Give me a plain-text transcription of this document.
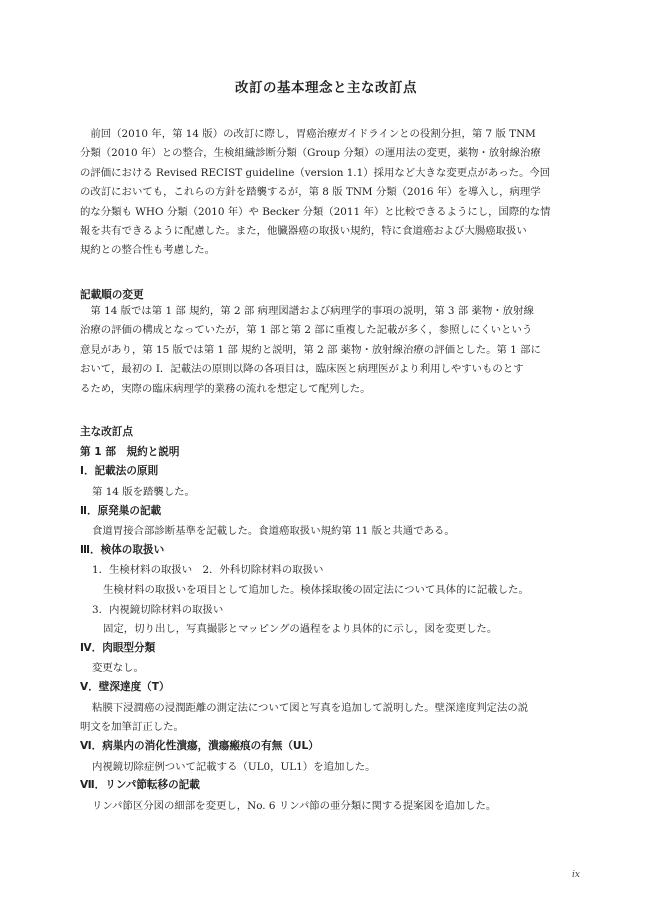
改訂の基本理念と主な改訂点
　前回（2010 年，第 14 版）の改訂に際し，胃癌治療ガイドラインとの役割分担，第 7 版 TNM
分類（2010 年）との整合，生検組織診断分類（Group 分類）の運用法の変更，薬物・放射線治療
の評価における Revised RECIST guideline（version 1.1）採用など大きな変更点があった。今回
の改訂においても，これらの方針を踏襲するが，第 8 版 TNM 分類（2016 年）を導入し，病理学
的な分類も WHO 分類（2010 年）や Becker 分類（2011 年）と比較できるようにし，国際的な情
報を共有できるように配慮した。また，他臓器癌の取扱い規約，特に食道癌および大腸癌取扱い
規約との整合性も考慮した。
記載順の変更
　第 14 版では第 1 部 規約，第 2 部 病理図譜および病理学的事項の説明，第 3 部 薬物・放射線
治療の評価の構成となっていたが，第 1 部と第 2 部に重複した記載が多く，参照しにくいという
意見があり，第 15 版では第 1 部 規約と説明，第 2 部 薬物・放射線治療の評価とした。第 1 部に
おいて，最初の I．記載法の原則以降の各項目は，臨床医と病理医がより利用しやすいものとす
るため，実際の臨床病理学的業務の流れを想定して配列した。
主な改訂点
第 1 部　規約と説明
Ⅰ．記載法の原則
第 14 版を踏襲した。
Ⅱ．原発巣の記載
食道胃接合部診断基準を記載した。食道癌取扱い規約第 11 版と共通である。
Ⅲ．検体の取扱い
1．生検材料の取扱い　2．外科切除材料の取扱い
生検材料の取扱いを項目として追加した。検体採取後の固定法について具体的に記載した。
3．内視鏡切除材料の取扱い
固定，切り出し，写真撮影とマッピングの過程をより具体的に示し，図を変更した。
Ⅳ．肉眼型分類
変更なし。
Ⅴ．壁深達度（T）
粘膜下浸潤癌の浸潤距離の測定法について図と写真を追加して説明した。壁深達度判定法の説
明文を加筆訂正した。
Ⅵ．病巣内の消化性潰瘍，潰瘍瘢痕の有無（UL）
内視鏡切除症例ついて記載する（UL0，UL1）を追加した。
Ⅶ．リンパ節転移の記載
リンパ節区分図の細部を変更し，No. 6 リンパ節の亜分類に関する提案図を追加した。
ix
